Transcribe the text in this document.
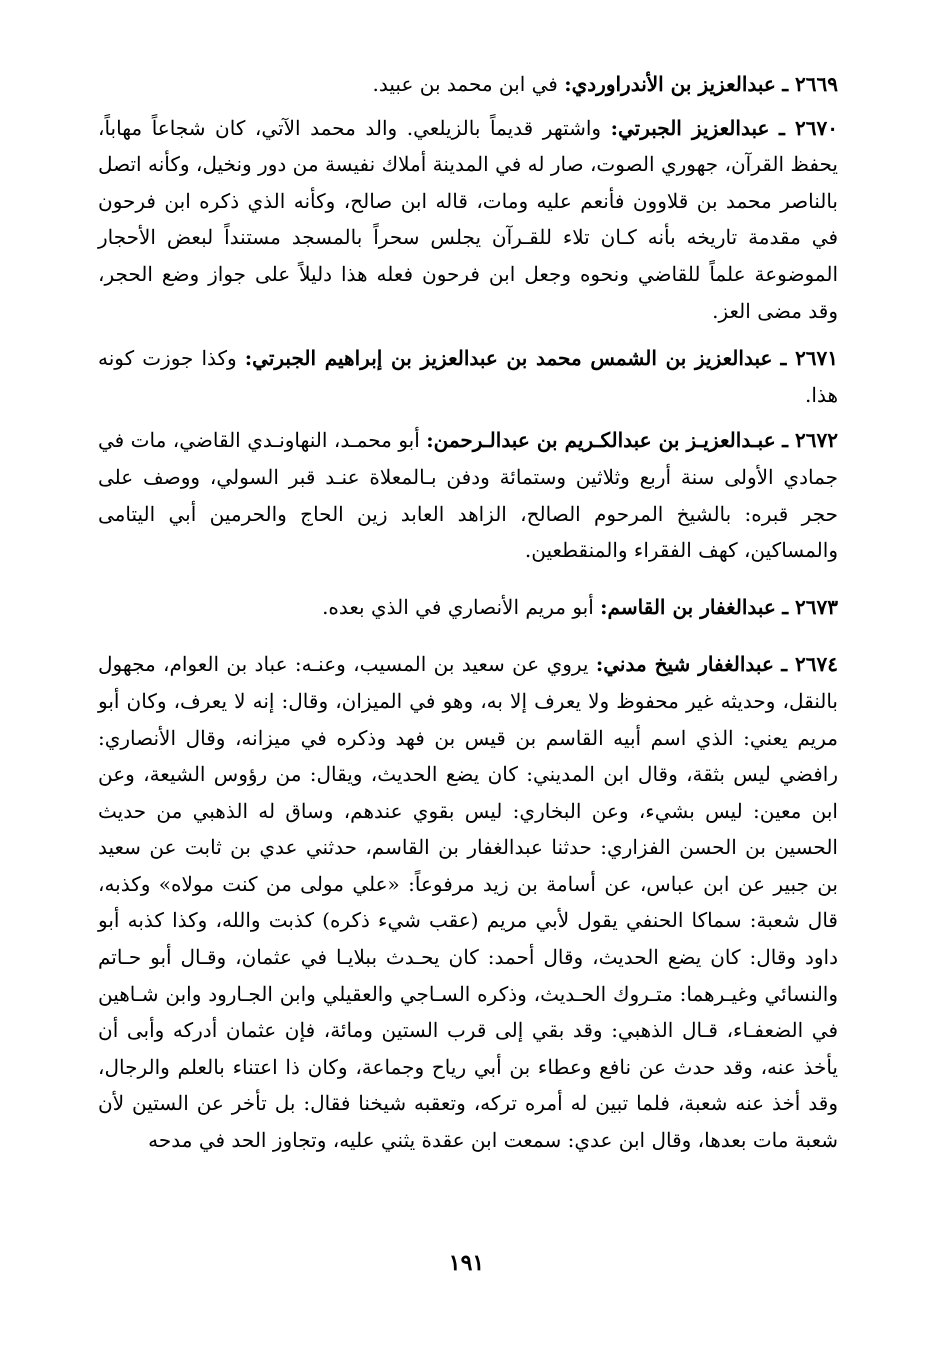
٢٦٦٩ ـ عبدالعزيز بن الأندراوردي: في ابن محمد بن عبيد.

٢٦٧٠ ـ عبدالعزيز الجبرتي: واشتهر قديماً بالزيلعي. والد محمد الآتي، كان شجاعاً مهاباً، يحفظ القرآن، جهوري الصوت، صار له في المدينة أملاك نفيسة من دور ونخيل، وكأنه اتصل بالناصر محمد بن قلاوون فأنعم عليه ومات، قاله ابن صالح، وكأنه الذي ذكره ابن فرحون في مقدمة تاريخه بأنه كـان تلاء للقـرآن يجلس سحراً بالمسجد مستنداً لبعض الأحجار الموضوعة علماً للقاضي ونحوه وجعل ابن فرحون فعله هذا دليلاً على جواز وضع الحجر، وقد مضى العز.

٢٦٧١ ـ عبدالعزيز بن الشمس محمد بن عبدالعزيز بن إبراهيم الجبرتي: وكذا جوزت كونه هذا.

٢٦٧٢ ـ عبـدالعزيـز بن عبدالكـريم بن عبدالـرحمن: أبو محمـد، النهاونـدي القاضي، مات في جمادي الأولى سنة أربع وثلاثين وستمائة ودفن بـالمعلاة عنـد قبر السولي، ووصف على حجر قبره: بالشيخ المرحوم الصالح، الزاهد العابد زين الحاج والحرمين أبي اليتامى والمساكين، كهف الفقراء والمنقطعين.

٢٦٧٣ ـ عبدالغفار بن القاسم: أبو مريم الأنصاري في الذي بعده.

٢٦٧٤ ـ عبدالغفار شيخ مدني: يروي عن سعيد بن المسيب، وعنـه: عباد بن العوام، مجهول بالنقل، وحديثه غير محفوظ ولا يعرف إلا به، وهو في الميزان، وقال: إنه لا يعرف، وكان أبو مريم يعني: الذي اسم أبيه القاسم بن قيس بن فهد وذكره في ميزانه، وقال الأنصاري: رافضي ليس بثقة، وقال ابن المديني: كان يضع الحديث، ويقال: من رؤوس الشيعة، وعن ابن معين: ليس بشيء، وعن البخاري: ليس بقوي عندهم، وساق له الذهبي من حديث الحسين بن الحسن الفزاري: حدثنا عبدالغفار بن القاسم، حدثني عدي بن ثابت عن سعيد بن جبير عن ابن عباس، عن أسامة بن زيد مرفوعاً: «علي مولى من كنت مولاه» وكذبه، قال شعبة: سماكا الحنفي يقول لأبي مريم (عقب شيء ذكره) كذبت والله، وكذا كذبه أبو داود وقال: كان يضع الحديث، وقال أحمد: كان يحـدث ببلايـا في عثمان، وقـال أبو حـاتم والنسائي وغيـرهما: متـروك الحـديث، وذكره السـاجي والعقيلي وابن الجـارود وابن شـاهين في الضعفـاء، قـال الذهبي: وقد بقي إلى قرب الستين ومائة، فإن عثمان أدركه وأبى أن يأخذ عنه، وقد حدث عن نافع وعطاء بن أبي رياح وجماعة، وكان ذا اعتناء بالعلم والرجال، وقد أخذ عنه شعبة، فلما تبين له أمره تركه، وتعقبه شيخنا فقال: بل تأخر عن الستين لأن شعبة مات بعدها، وقال ابن عدي: سمعت ابن عقدة يثني عليه، وتجاوز الحد في مدحه

١٩١
